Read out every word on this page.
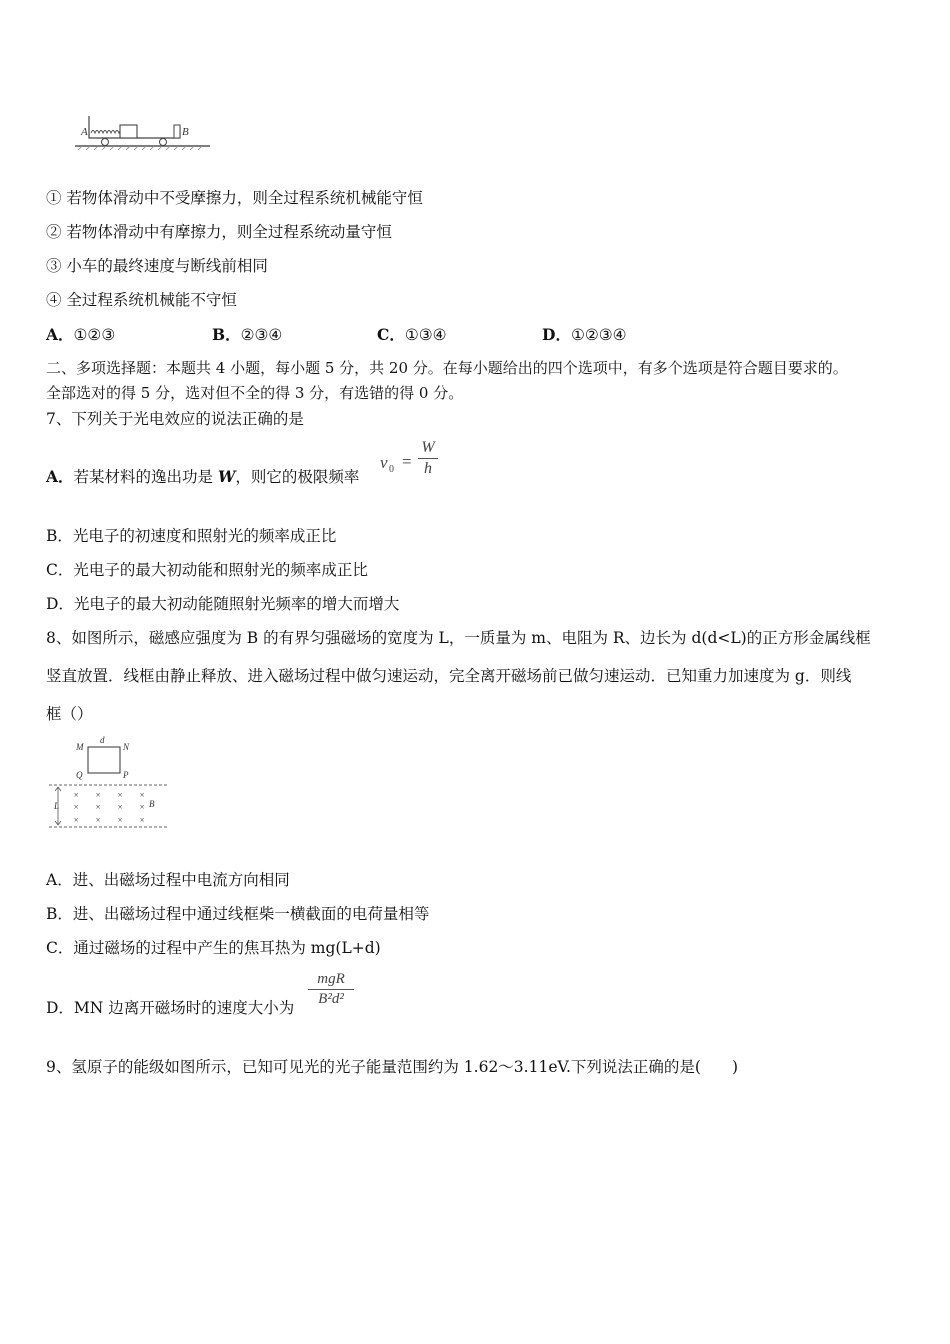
A	B
① 若物体滑动中不受摩擦力，则全过程系统机械能守恒
② 若物体滑动中有摩擦力，则全过程系统动量守恒
③ 小车的最终速度与断线前相同
④ 全过程系统机械能不守恒
A．①②③	B．②③④	C．①③④	D．①②③④
二、多项选择题：本题共 4 小题，每小题 5 分，共 20 分。在每小题给出的四个选项中，有多个选项是符合题目要求的。
全部选对的得 5 分，选对但不全的得 3 分，有选错的得 0 分。
7、下列关于光电效应的说法正确的是
A．若某材料的逸出功是 W，则它的极限频率
v 0 =
W
h
B．光电子的初速度和照射光的频率成正比
C．光电子的最大初动能和照射光的频率成正比
D．光电子的最大初动能随照射光频率的增大而增大
8、如图所示，磁感应强度为 B 的有界匀强磁场的宽度为 L，一质量为 m、电阻为 R、边长为 d(d<L)的正方形金属线框
竖直放置．线框由静止释放、进入磁场过程中做匀速运动，完全离开磁场前已做匀速运动．已知重力加速度为 g．则线
框（）
M
d
N
Q	P
L
× × × ×
× × × ×
× × × ×
B
A．进、出磁场过程中电流方向相同
B．进、出磁场过程中通过线框柴一横截面的电荷量相等
C．通过磁场的过程中产生的焦耳热为 mg(L+d)
D．MN 边离开磁场时的速度大小为
mgR
B²d²
9、氢原子的能级如图所示，已知可见光的光子能量范围约为 1.62～3.11eV.下列说法正确的是(　　)
